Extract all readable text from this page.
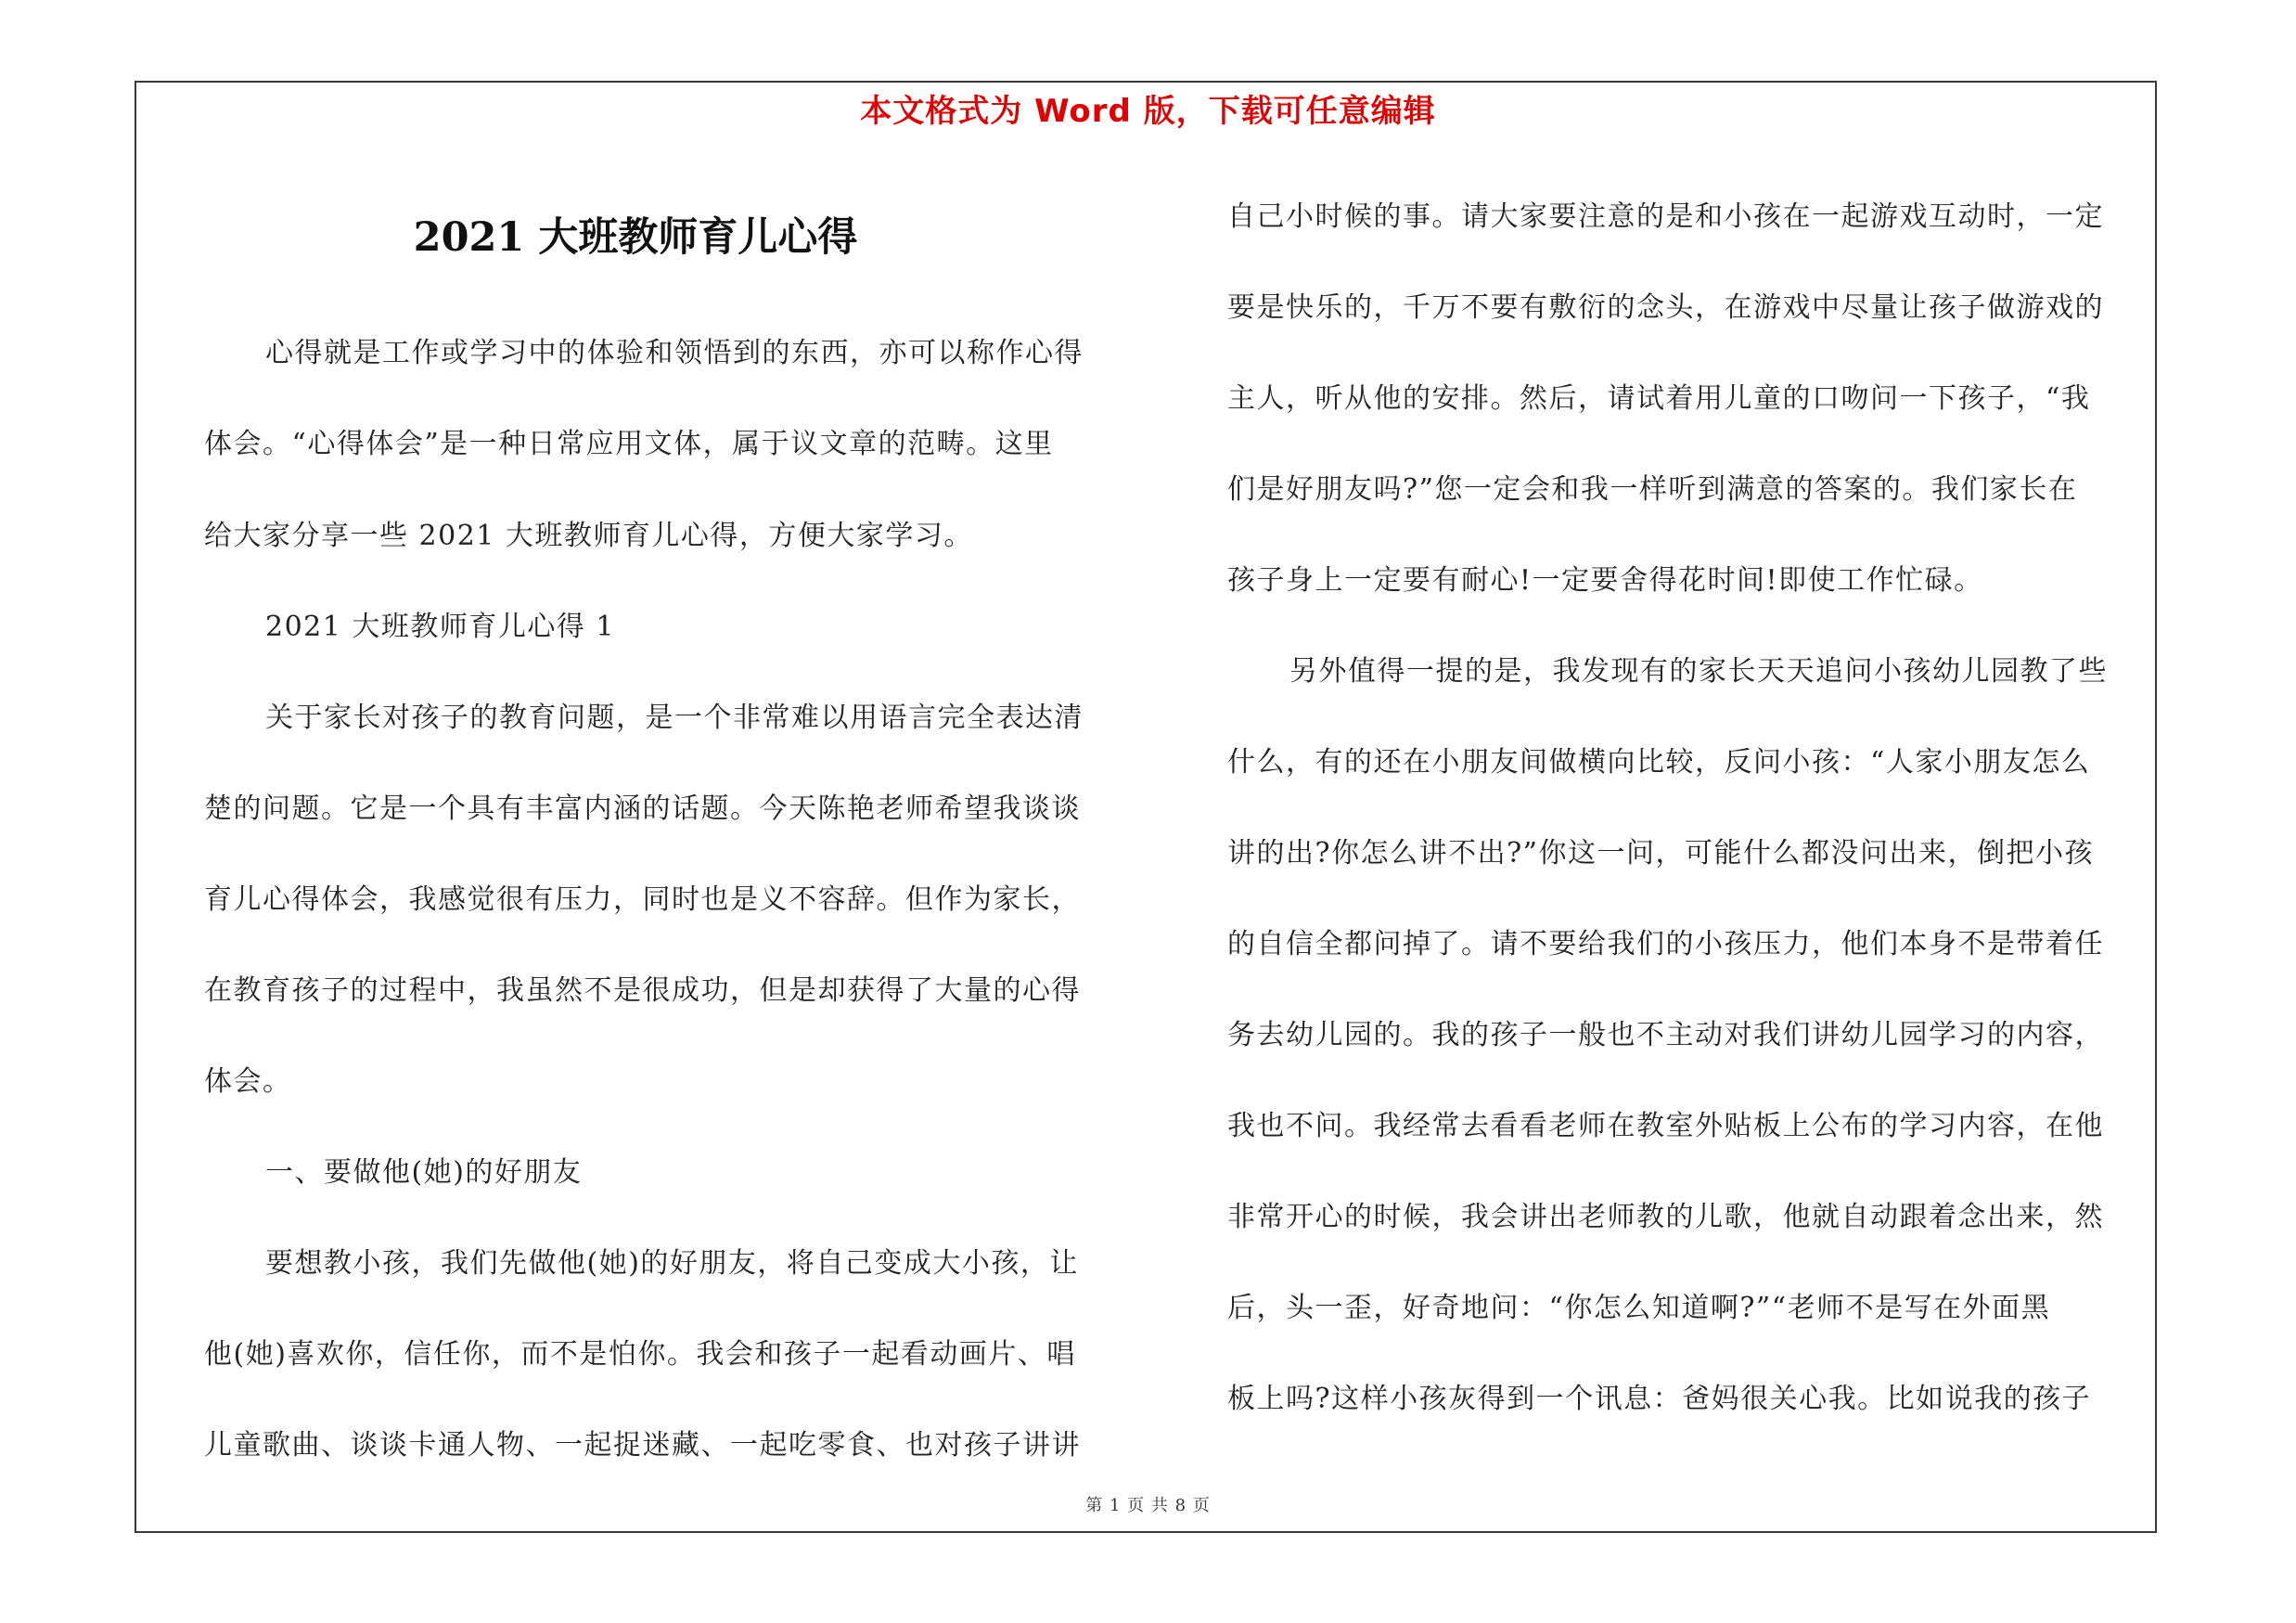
本文格式为 Word 版，下载可任意编辑
2021 大班教师育儿心得
心得就是工作或学习中的体验和领悟到的东西，亦可以称作心得
体会。“心得体会”是一种日常应用文体，属于议文章的范畴。这里
给大家分享一些 2021 大班教师育儿心得，方便大家学习。
2021 大班教师育儿心得 1
关于家长对孩子的教育问题，是一个非常难以用语言完全表达清
楚的问题。它是一个具有丰富内涵的话题。今天陈艳老师希望我谈谈
育儿心得体会，我感觉很有压力，同时也是义不容辞。但作为家长，
在教育孩子的过程中，我虽然不是很成功，但是却获得了大量的心得
体会。
一、要做他(她)的好朋友
要想教小孩，我们先做他(她)的好朋友，将自己变成大小孩，让
他(她)喜欢你，信任你，而不是怕你。我会和孩子一起看动画片、唱
儿童歌曲、谈谈卡通人物、一起捉迷藏、一起吃零食、也对孩子讲讲
自己小时候的事。请大家要注意的是和小孩在一起游戏互动时，一定
要是快乐的，千万不要有敷衍的念头，在游戏中尽量让孩子做游戏的
主人，听从他的安排。然后，请试着用儿童的口吻问一下孩子，“我
们是好朋友吗?”您一定会和我一样听到满意的答案的。我们家长在
孩子身上一定要有耐心!一定要舍得花时间!即使工作忙碌。
另外值得一提的是，我发现有的家长天天追问小孩幼儿园教了些
什么，有的还在小朋友间做横向比较，反问小孩：“人家小朋友怎么
讲的出?你怎么讲不出?”你这一问，可能什么都没问出来，倒把小孩
的自信全都问掉了。请不要给我们的小孩压力，他们本身不是带着任
务去幼儿园的。我的孩子一般也不主动对我们讲幼儿园学习的内容，
我也不问。我经常去看看老师在教室外贴板上公布的学习内容，在他
非常开心的时候，我会讲出老师教的儿歌，他就自动跟着念出来，然
后，头一歪，好奇地问：“你怎么知道啊?”“老师不是写在外面黑
板上吗?这样小孩灰得到一个讯息：爸妈很关心我。比如说我的孩子
第 1 页 共 8 页
